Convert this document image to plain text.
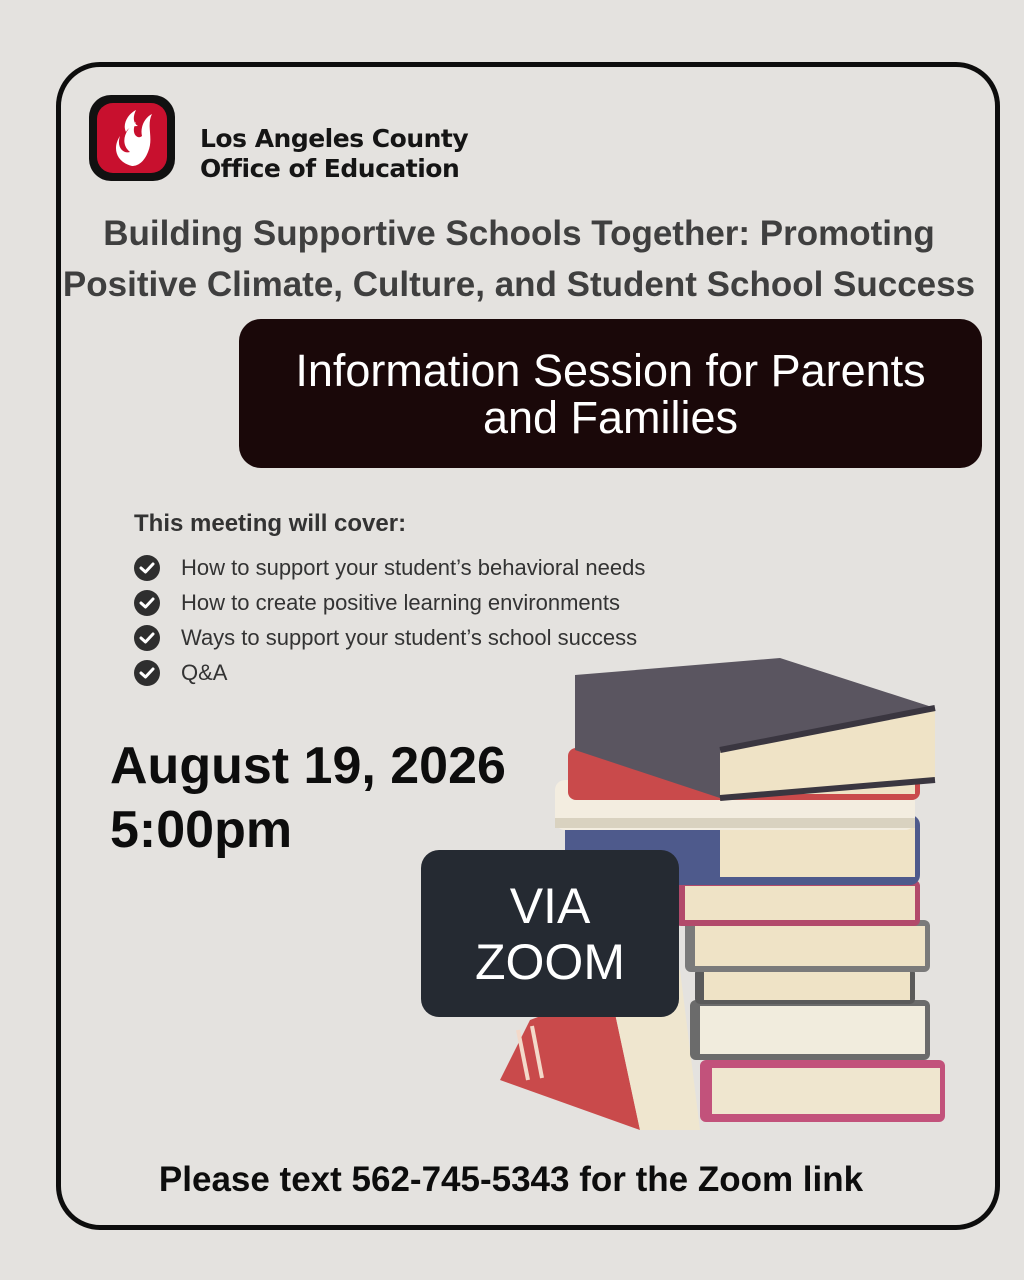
Los Angeles County
Office of Education
Building Supportive Schools Together: Promoting
Positive Climate, Culture, and Student School Success
Information Session for Parents
and Families
This meeting will cover:
How to support your student’s behavioral needs
How to create positive learning environments
Ways to support your student’s school success
Q&A
August 19, 2026
5:00pm
VIA
ZOOM
Please text 562-745-5343 for the Zoom link
